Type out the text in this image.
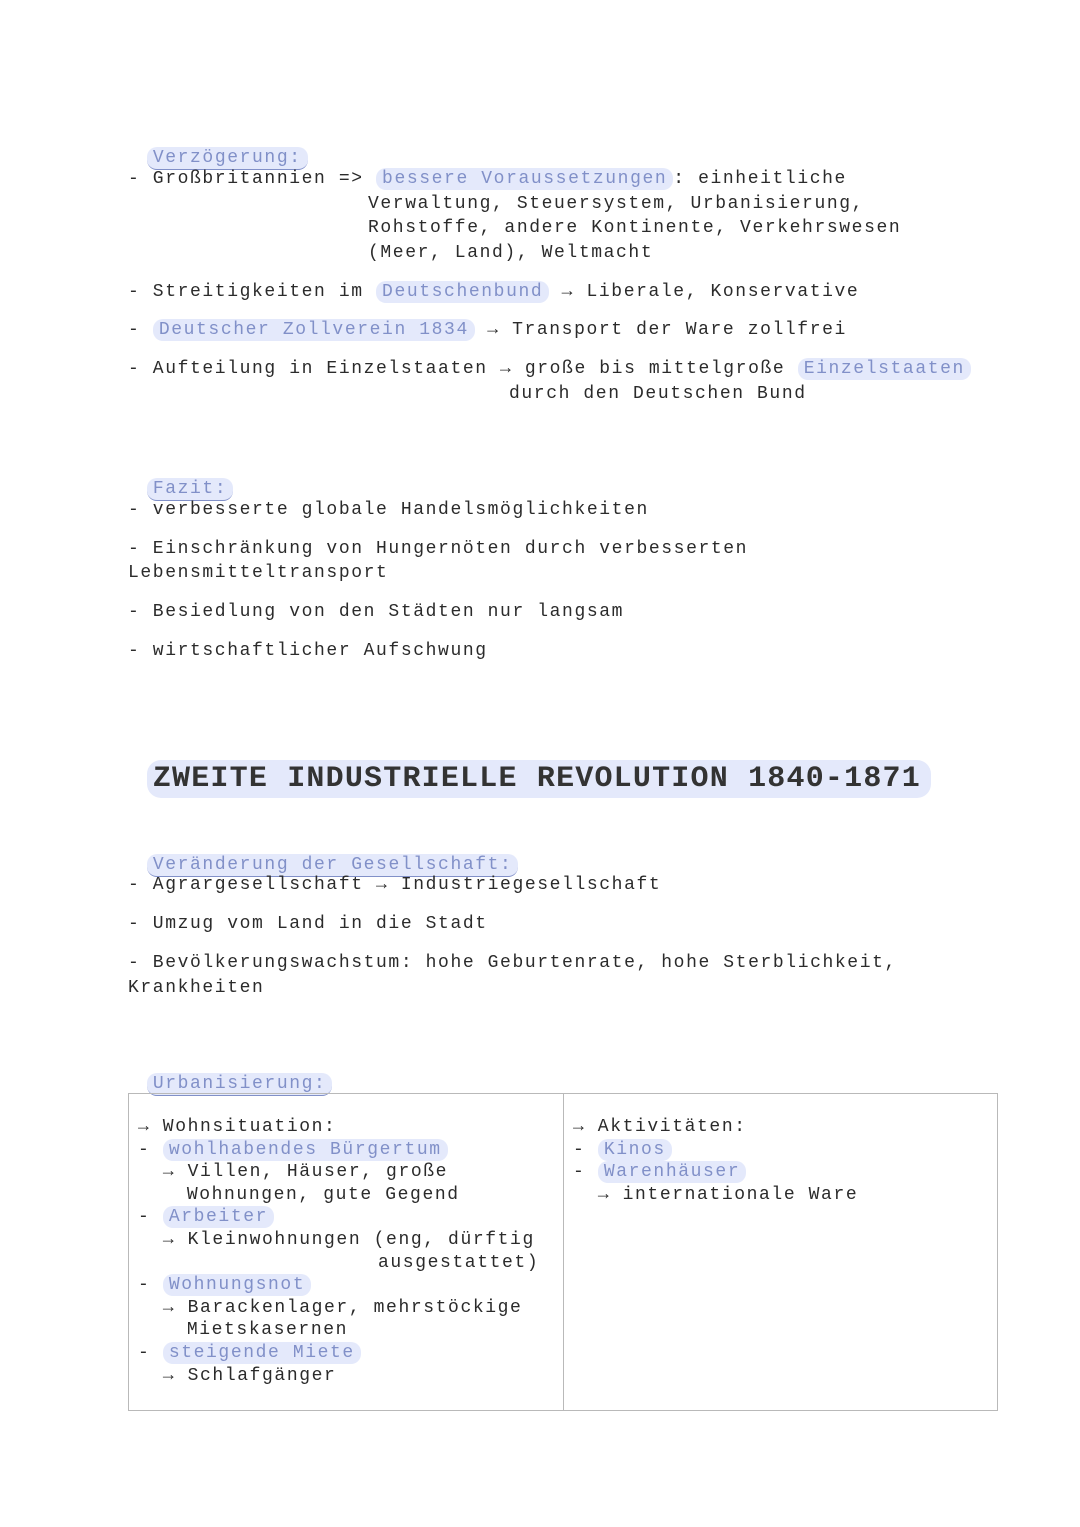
Verzögerung:

- Großbritannien => bessere Voraussetzungen : einheitliche
Verwaltung, Steuersystem, Urbanisierung,
Rohstoffe, andere Kontinente, Verkehrswesen
(Meer, Land), Weltmacht
- Streitigkeiten im Deutschenbund → Liberale, Konservative
- Deutscher Zollverein 1834 → Transport der Ware zollfrei
- Aufteilung in Einzelstaaten → große bis mittelgroße Einzelstaaten
durch den Deutschen Bund

Fazit:

- verbesserte globale Handelsmöglichkeiten
- Einschränkung von Hungernöten durch verbesserten
Lebensmitteltransport
- Besiedlung von den Städten nur langsam
- wirtschaftlicher Aufschwung

ZWEITE INDUSTRIELLE REVOLUTION 1840-1871

Veränderung der Gesellschaft:

- Agrargesellschaft → Industriegesellschaft
- Umzug vom Land in die Stadt
- Bevölkerungswachstum: hohe Geburtenrate, hohe Sterblichkeit,
Krankheiten

Urbanisierung:

→ Wohnsituation:
- wohlhabendes Bürgertum
→ Villen, Häuser, große
Wohnungen, gute Gegend
- Arbeiter
→ Kleinwohnungen (eng, dürftig
ausgestattet)
- Wohnungsnot
→ Barackenlager, mehrstöckige
Mietskasernen
- steigende Miete
→ Schlafgänger
→ Aktivitäten:
- Kinos
- Warenhäuser
→ internationale Ware
